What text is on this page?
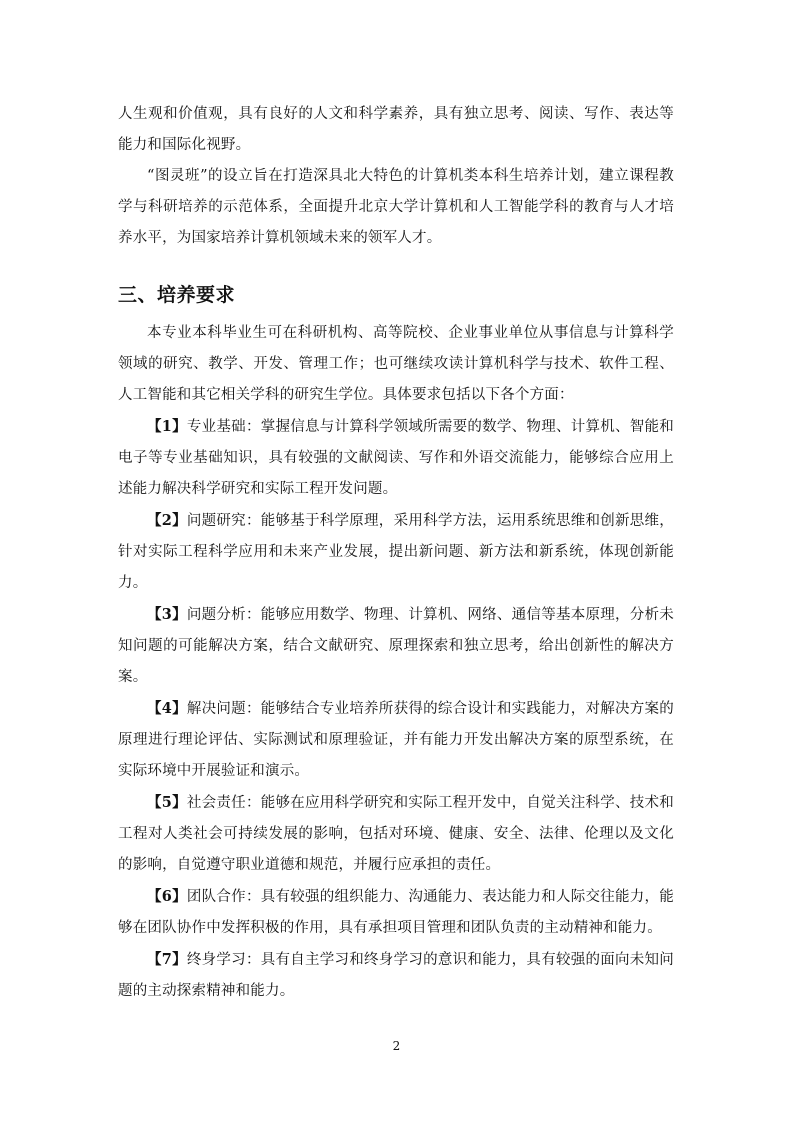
人生观和价值观，具有良好的人文和科学素养，具有独立思考、阅读、写作、表达等能力和国际化视野。

“图灵班”的设立旨在打造深具北大特色的计算机类本科生培养计划，建立课程教学与科研培养的示范体系，全面提升北京大学计算机和人工智能学科的教育与人才培养水平，为国家培养计算机领域未来的领军人才。

三、培养要求

本专业本科毕业生可在科研机构、高等院校、企业事业单位从事信息与计算科学领域的研究、教学、开发、管理工作；也可继续攻读计算机科学与技术、软件工程、人工智能和其它相关学科的研究生学位。具体要求包括以下各个方面：

【1】专业基础：掌握信息与计算科学领域所需要的数学、物理、计算机、智能和电子等专业基础知识，具有较强的文献阅读、写作和外语交流能力，能够综合应用上述能力解决科学研究和实际工程开发问题。

【2】问题研究：能够基于科学原理，采用科学方法，运用系统思维和创新思维，针对实际工程科学应用和未来产业发展，提出新问题、新方法和新系统，体现创新能力。

【3】问题分析：能够应用数学、物理、计算机、网络、通信等基本原理，分析未知问题的可能解决方案，结合文献研究、原理探索和独立思考，给出创新性的解决方案。

【4】解决问题：能够结合专业培养所获得的综合设计和实践能力，对解决方案的原理进行理论评估、实际测试和原理验证，并有能力开发出解决方案的原型系统，在实际环境中开展验证和演示。

【5】社会责任：能够在应用科学研究和实际工程开发中，自觉关注科学、技术和工程对人类社会可持续发展的影响，包括对环境、健康、安全、法律、伦理以及文化的影响，自觉遵守职业道德和规范，并履行应承担的责任。

【6】团队合作：具有较强的组织能力、沟通能力、表达能力和人际交往能力，能够在团队协作中发挥积极的作用，具有承担项目管理和团队负责的主动精神和能力。

【7】终身学习：具有自主学习和终身学习的意识和能力，具有较强的面向未知问题的主动探索精神和能力。

2
